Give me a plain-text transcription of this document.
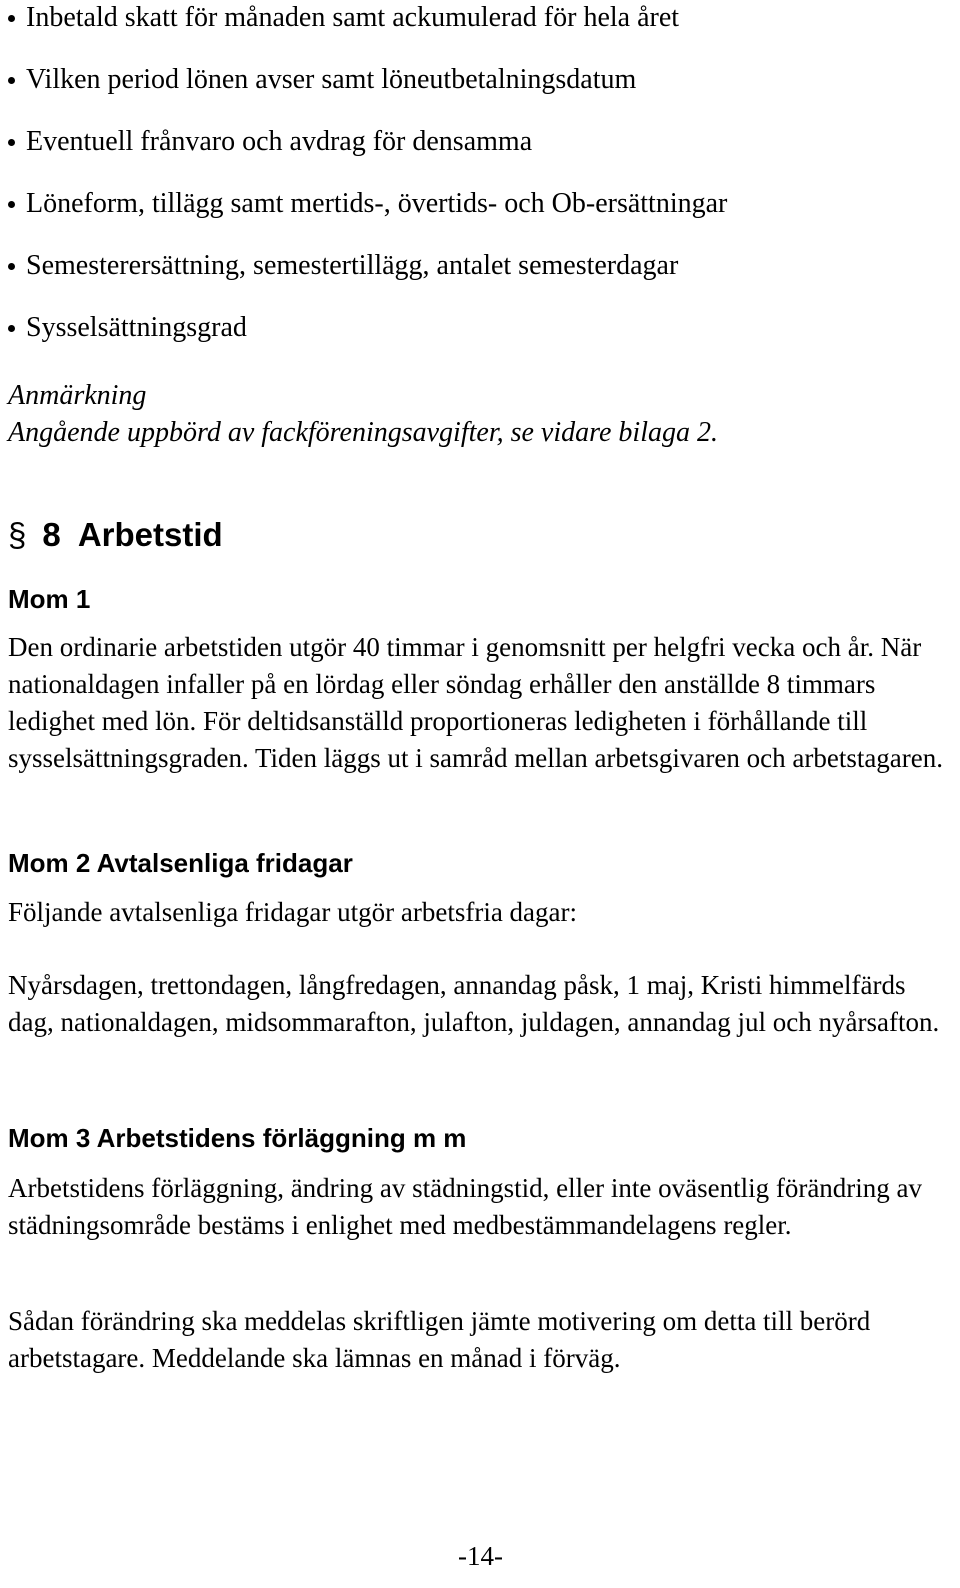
Inbetald skatt för månaden samt ackumulerad för hela året
Vilken period lönen avser samt löneutbetalningsdatum
Eventuell frånvaro och avdrag för densamma
Löneform, tillägg samt mertids-, övertids- och Ob-ersättningar
Semesterersättning, semestertillägg, antalet semesterdagar
Sysselsättningsgrad

Anmärkning

Angående uppbörd av fackföreningsavgifter, se vidare bilaga 2.

§ 8  Arbetstid
Mom 1

Den ordinarie arbetstiden utgör 40 timmar i genomsnitt per helgfri vecka och år. När nationaldagen infaller på en lördag eller söndag erhåller den anställde 8 timmars ledighet med lön. För deltidsanställd proportioneras ledigheten i förhållande till sysselsättningsgraden. Tiden läggs ut i samråd mellan arbetsgivaren och arbetstagaren.

Mom 2 Avtalsenliga fridagar

Följande avtalsenliga fridagar utgör arbetsfria dagar:

Nyårsdagen, trettondagen, långfredagen, annandag påsk, 1 maj, Kristi himmelfärds dag, nationaldagen, midsommarafton, julafton, juldagen, annandag jul och nyårsafton.

Mom 3 Arbetstidens förläggning m m

Arbetstidens förläggning, ändring av städningstid, eller inte oväsentlig förändring av städningsområde bestäms i enlighet med medbestämmandelagens regler.

Sådan förändring ska meddelas skriftligen jämte motivering om detta till berörd arbetstagare. Meddelande ska lämnas en månad i förväg.

-14-
